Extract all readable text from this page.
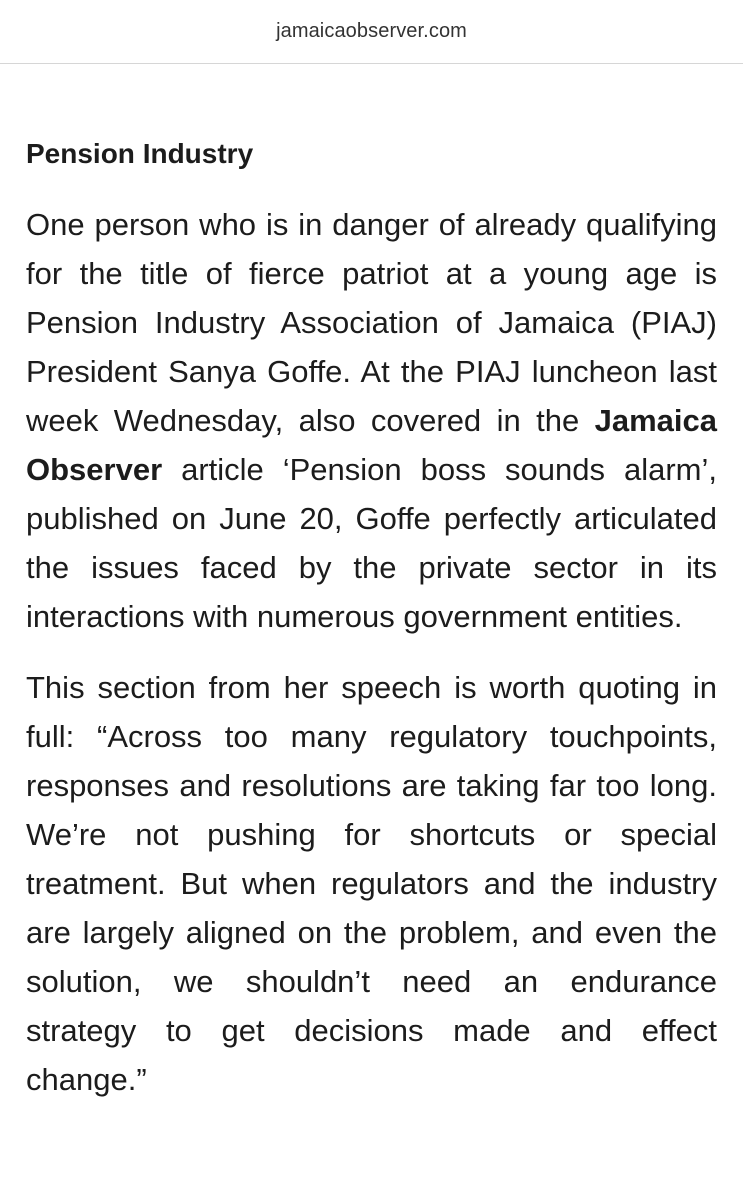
jamaicaobserver.com
Pension Industry

One person who is in danger of already qualifying for the title of fierce patriot at a young age is Pension Industry Association of Jamaica (PIAJ) President Sanya Goffe. At the PIAJ luncheon last week Wednesday, also covered in the Jamaica Observer article ‘Pension boss sounds alarm’, published on June 20, Goffe perfectly articulated the issues faced by the private sector in its interactions with numerous government entities.

This section from her speech is worth quoting in full: “Across too many regulatory touchpoints, responses and resolutions are taking far too long. We’re not pushing for shortcuts or special treatment. But when regulators and the industry are largely aligned on the problem, and even the solution, we shouldn’t need an endurance strategy to get decisions made and effect change.”
